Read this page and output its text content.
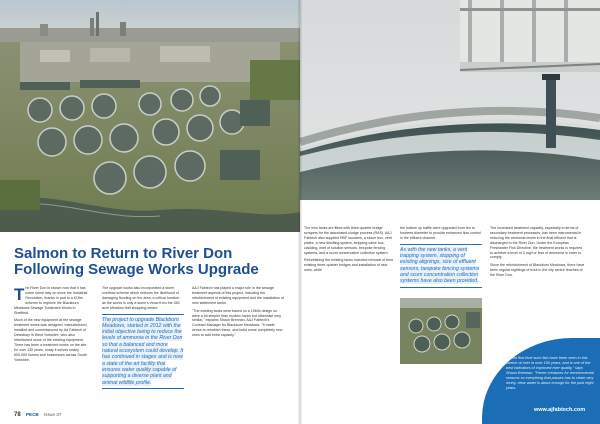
Salmon to Return to River Don

Following Sewage Works Upgrade

The River Don is shown now that it has come some way on since the Industrial Revolution, thanks in part to a £19m scheme to improve the Blackburn Meadows Sewage Treatment Works in Sheffield.

Much of the new equipment at the sewage treatment works was designed, manufactured, installed and commissioned by Ad Fabtech of Dewsbury in West Yorkshire, who also refurbished some of the existing equipment. There has been a treatment works on the site for over 130 years, today it serves nearly 600,000 homes and businesses across South Yorkshire.

The upgrade works also incorporated a storm overflow scheme which reduces the likelihood of damaging flooding on the area; a critical function as the works is only a stone's throw from the 350 acre Meadow Hall shopping centre.

The project to upgrade Blackburn Meadows, started in 2012 with the initial objective being to reduce the levels of ammonia in the River Don so that a balanced and more natural ecosystem could develop. It has continued in stages and is now a state of the art facility that ensures water quality capable of supporting a diverse plant and animal wildlife profile.

A&J Fabtech has played a major role in the sewage treatment aspects of this project, including the refurbishment of existing equipment and the installation of new settlement tanks.

"The existing tanks were based on a 1960s design so were a lot simpler than modern tanks but otherwise very similar," explains Shaun Brennan, A&J Fabtech's Contract Manager for Blackburn Meadows. "It made sense to refurbish these, and build some completely new ones to add extra capacity."

78 PECB Issue 37

The new tanks are fitted with three-quarter bridge scrapers for the associated sludge process (RAS). A&J Fabtech also supplied RBF launders, a sluice box, vent plates, a new desilting system, stripping valve box, cladding, inlet of solution sensors, bespoke fencing systems, and a scum conservation collection system.

Refurbishing the existing tanks included removal of their existing three-quarter bridges and installation of new ones, while

the bottom up baffle were upgraded from ten to fourteen diameter to provide enhanced flow control in the effluent channel.

As with the new tanks, a vent trapping system, stopping of existing alignings, size of effluent sensors, bespoke fencing systems and scum concentration collection systems have also been provided.

The increased treatment capacity, especially in terms of secondary treatment processes, has been instrumental in reducing the ammonia levels in the final effluent that is discharged to the River Don. Under the European Freshwater Fish Directive, the treatment works is required to achieve a level of 3 mg/l or less of ammonia in order to comply.

Since the refurbishment of Blackburn Meadows, there have been regular sightings of trout in the city centre reaches of the River Don.

It's the first time such fish have been seen in this stretch of river in over 100 years, and is one of the best indicators of improved river quality," says Shaun Brennan. "Fewer creatures for environmental reasons so everything that passes has to clean very nicely, clear water is about enough for the past eight years.
www.ajfabtech.com
